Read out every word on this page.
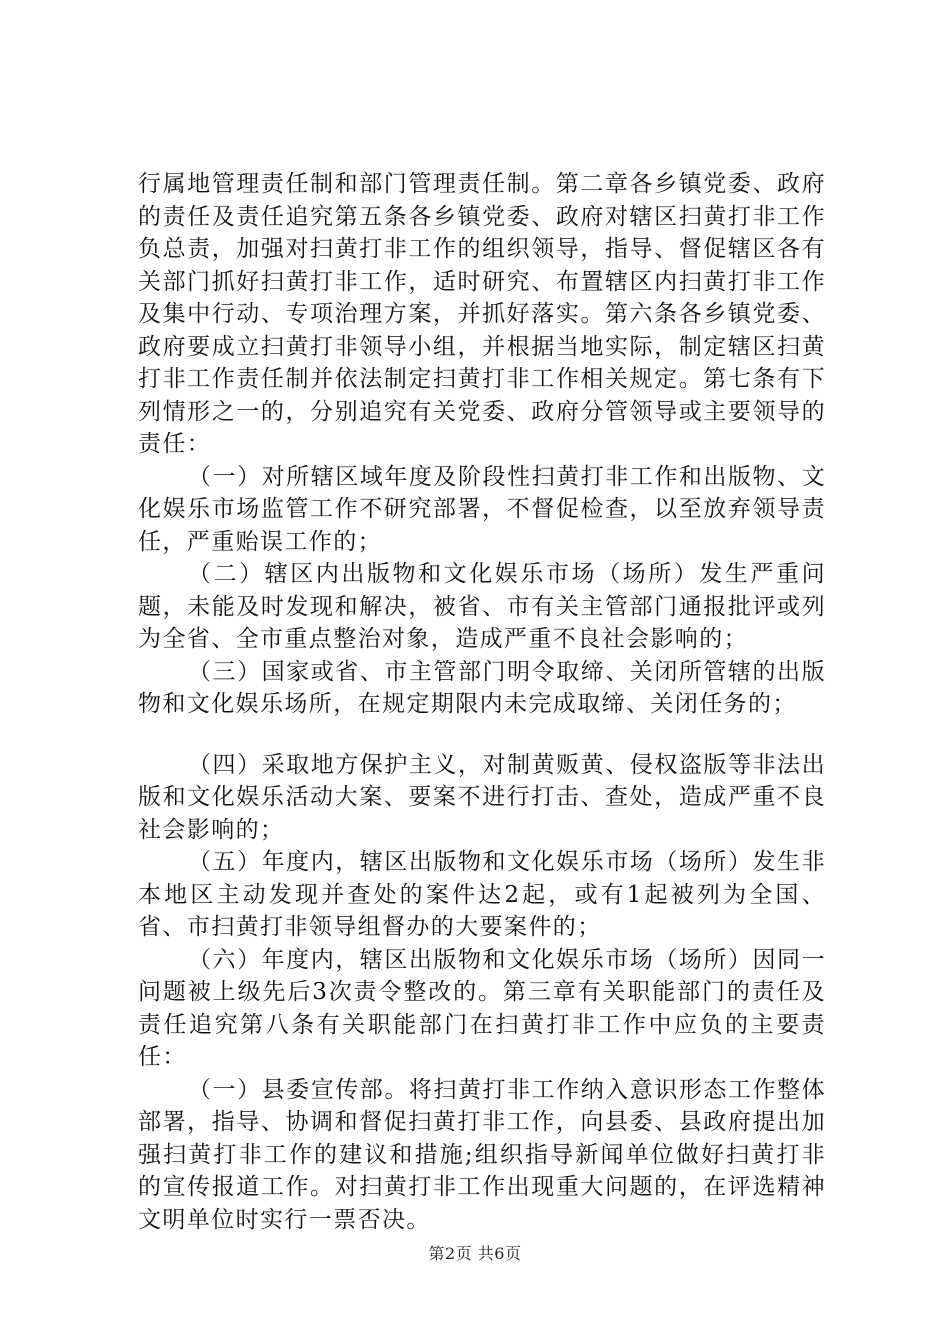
行属地管理责任制和部门管理责任制。第二章各乡镇党委、政府的责任及责任追究第五条各乡镇党委、政府对辖区扫黄打非工作负总责，加强对扫黄打非工作的组织领导，指导、督促辖区各有关部门抓好扫黄打非工作，适时研究、布置辖区内扫黄打非工作及集中行动、专项治理方案，并抓好落实。第六条各乡镇党委、政府要成立扫黄打非领导小组，并根据当地实际，制定辖区扫黄打非工作责任制并依法制定扫黄打非工作相关规定。第七条有下列情形之一的，分别追究有关党委、政府分管领导或主要领导的责任：

（一）对所辖区域年度及阶段性扫黄打非工作和出版物、文化娱乐市场监管工作不研究部署，不督促检查，以至放弃领导责任，严重贻误工作的；

（二）辖区内出版物和文化娱乐市场（场所）发生严重问题，未能及时发现和解决，被省、市有关主管部门通报批评或列为全省、全市重点整治对象，造成严重不良社会影响的；

（三）国家或省、市主管部门明令取缔、关闭所管辖的出版物和文化娱乐场所，在规定期限内未完成取缔、关闭任务的；

（四）采取地方保护主义，对制黄贩黄、侵权盗版等非法出版和文化娱乐活动大案、要案不进行打击、查处，造成严重不良社会影响的；

（五）年度内，辖区出版物和文化娱乐市场（场所）发生非本地区主动发现并查处的案件达2起，或有1起被列为全国、省、市扫黄打非领导组督办的大要案件的；

（六）年度内，辖区出版物和文化娱乐市场（场所）因同一问题被上级先后3次责令整改的。第三章有关职能部门的责任及责任追究第八条有关职能部门在扫黄打非工作中应负的主要责任：

（一）县委宣传部。将扫黄打非工作纳入意识形态工作整体部署，指导、协调和督促扫黄打非工作，向县委、县政府提出加强扫黄打非工作的建议和措施;组织指导新闻单位做好扫黄打非的宣传报道工作。对扫黄打非工作出现重大问题的，在评选精神文明单位时实行一票否决。

第2页 共6页
